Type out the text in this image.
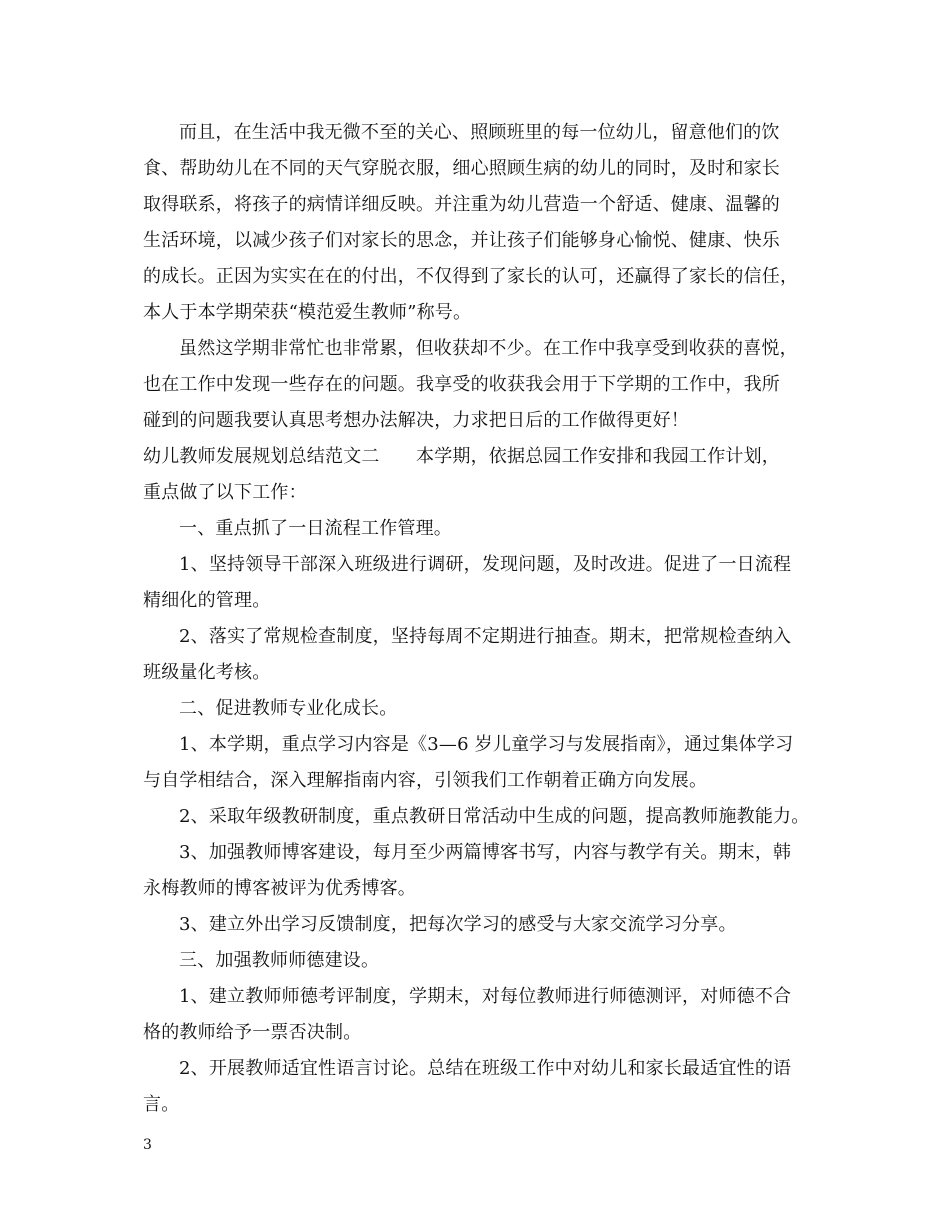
而且，在生活中我无微不至的关心、照顾班里的每一位幼儿，留意他们的饮
食、帮助幼儿在不同的天气穿脱衣服，细心照顾生病的幼儿的同时，及时和家长
取得联系，将孩子的病情详细反映。并注重为幼儿营造一个舒适、健康、温馨的
生活环境，以减少孩子们对家长的思念，并让孩子们能够身心愉悦、健康、快乐
的成长。正因为实实在在的付出，不仅得到了家长的认可，还赢得了家长的信任，
本人于本学期荣获“模范爱生教师”称号。
虽然这学期非常忙也非常累，但收获却不少。在工作中我享受到收获的喜悦，
也在工作中发现一些存在的问题。我享受的收获我会用于下学期的工作中，我所
碰到的问题我要认真思考想办法解决，力求把日后的工作做得更好！
幼儿教师发展规划总结范文二　　本学期，依据总园工作安排和我园工作计划，
重点做了以下工作：
一、重点抓了一日流程工作管理。
1、坚持领导干部深入班级进行调研，发现问题，及时改进。促进了一日流程
精细化的管理。
2、落实了常规检查制度，坚持每周不定期进行抽查。期末，把常规检查纳入
班级量化考核。
二、促进教师专业化成长。
1、本学期，重点学习内容是《3—6 岁儿童学习与发展指南》，通过集体学习
与自学相结合，深入理解指南内容，引领我们工作朝着正确方向发展。
2、采取年级教研制度，重点教研日常活动中生成的问题，提高教师施教能力。
3、加强教师博客建设，每月至少两篇博客书写，内容与教学有关。期末，韩
永梅教师的博客被评为优秀博客。
3、建立外出学习反馈制度，把每次学习的感受与大家交流学习分享。
三、加强教师师德建设。
1、建立教师师德考评制度，学期末，对每位教师进行师德测评，对师德不合
格的教师给予一票否决制。
2、开展教师适宜性语言讨论。总结在班级工作中对幼儿和家长最适宜性的语
言。
3
